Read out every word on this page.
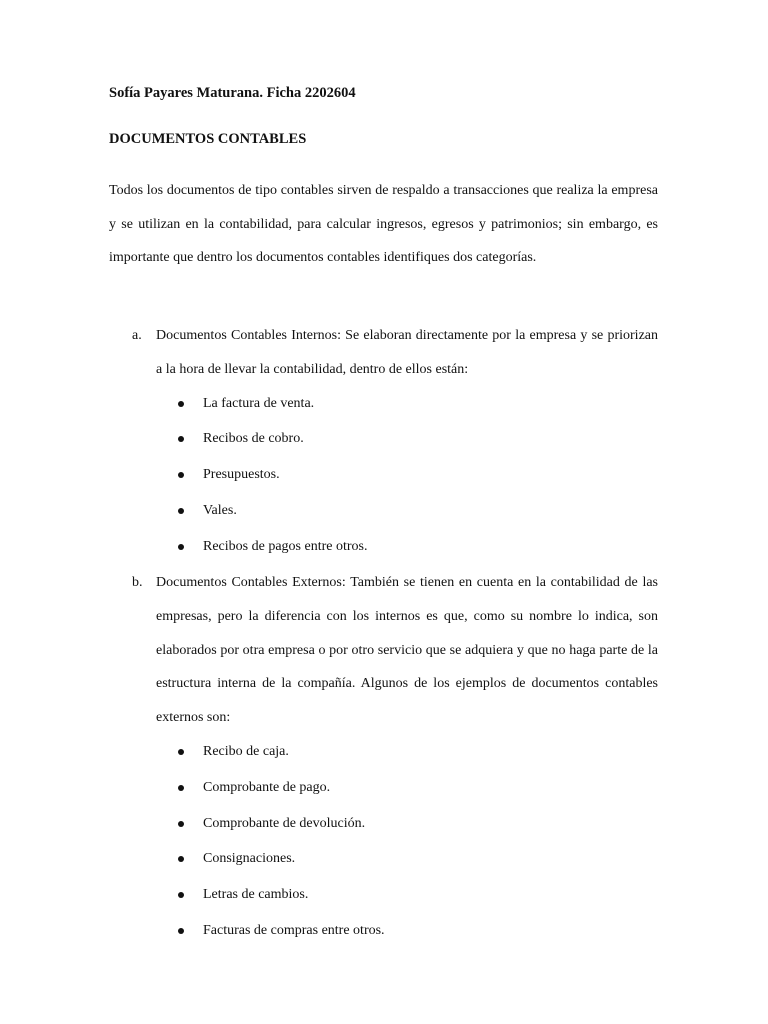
Sofía Payares Maturana. Ficha 2202604
DOCUMENTOS CONTABLES
Todos los documentos de tipo contables sirven de respaldo a transacciones que realiza la empresa y se utilizan en la contabilidad, para calcular ingresos, egresos y patrimonios; sin embargo, es importante que dentro los documentos contables identifiques dos categorías.
a. Documentos Contables Internos: Se elaboran directamente por la empresa y se priorizan a la hora de llevar la contabilidad, dentro de ellos están:
La factura de venta.
Recibos de cobro.
Presupuestos.
Vales.
Recibos de pagos entre otros.
b. Documentos Contables Externos: También se tienen en cuenta en la contabilidad de las empresas, pero la diferencia con los internos es que, como su nombre lo indica, son elaborados por otra empresa o por otro servicio que se adquiera y que no haga parte de la estructura interna de la compañía. Algunos de los ejemplos de documentos contables externos son:
Recibo de caja.
Comprobante de pago.
Comprobante de devolución.
Consignaciones.
Letras de cambios.
Facturas de compras entre otros.
